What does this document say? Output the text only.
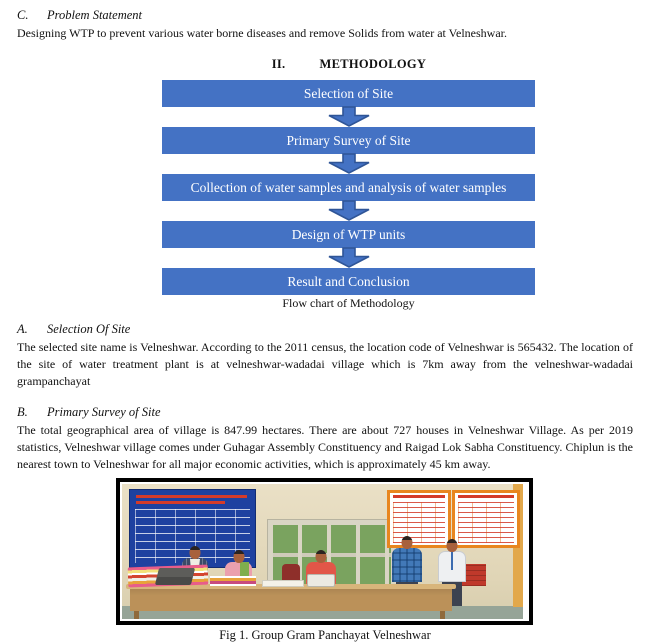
C. Problem Statement

Designing WTP to prevent various water borne diseases and remove Solids from water at Velneshwar.

II.	METHODOLOGY
Selection of Site
Primary Survey of Site
Collection of water samples and analysis of water samples
Design of WTP units
Result and Conclusion
Flow chart of Methodology
A. Selection Of Site

The selected site name is Velneshwar. According to the 2011 census, the location code of Velneshwar is 565432. The location of the site of water treatment plant is at velneshwar-wadadai village which is 7km away from the velneshwar-wadadai grampanchayat

B. Primary Survey of Site

The total geographical area of village is 847.99 hectares. There are about 727 houses in Velneshwar Village. As per 2019 statistics, Velneshwar village comes under Guhagar Assembly Constituency and Raigad Lok Sabha Constituency. Chiplun is the nearest town to Velneshwar for all major economic activities, which is approximately 45 km away.

Fig 1. Group Gram Panchayat Velneshwar
